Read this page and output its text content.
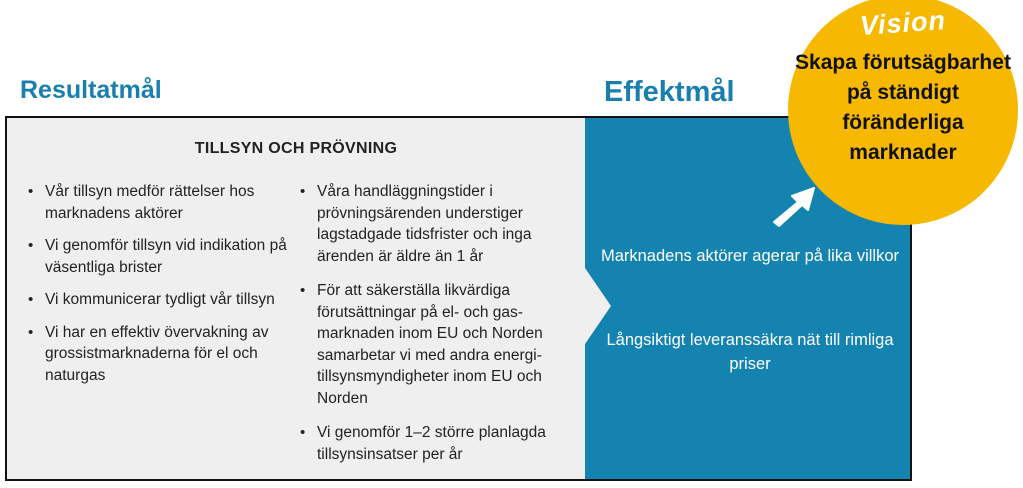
Resultatmål	Effektmål
TILLSYN OCH PRÖVNING
• Vår tillsyn medför rättelser hos marknadens aktörer
• Vi genomför tillsyn vid indikation på väsentliga brister
• Vi kommunicerar tydligt vår tillsyn
• Vi har en effektiv övervakning av grossistmarknaderna för el och naturgas
• Våra handläggningstider i prövningsärenden understiger lagstadgade tidsfrister och inga ärenden är äldre än 1 år
• För att säkerställa likvärdiga förutsättningar på el- och gas-marknaden inom EU och Norden samarbetar vi med andra energi-tillsynsmyndigheter inom EU och Norden
• Vi genomför 1–2 större planlagda tillsynsinsatser per år
Marknadens aktörer agerar på lika villkor
Långsiktigt leveranssäkra nät till rimliga priser
Vision
Skapa förutsägbarhet på ständigt föränderliga marknader
